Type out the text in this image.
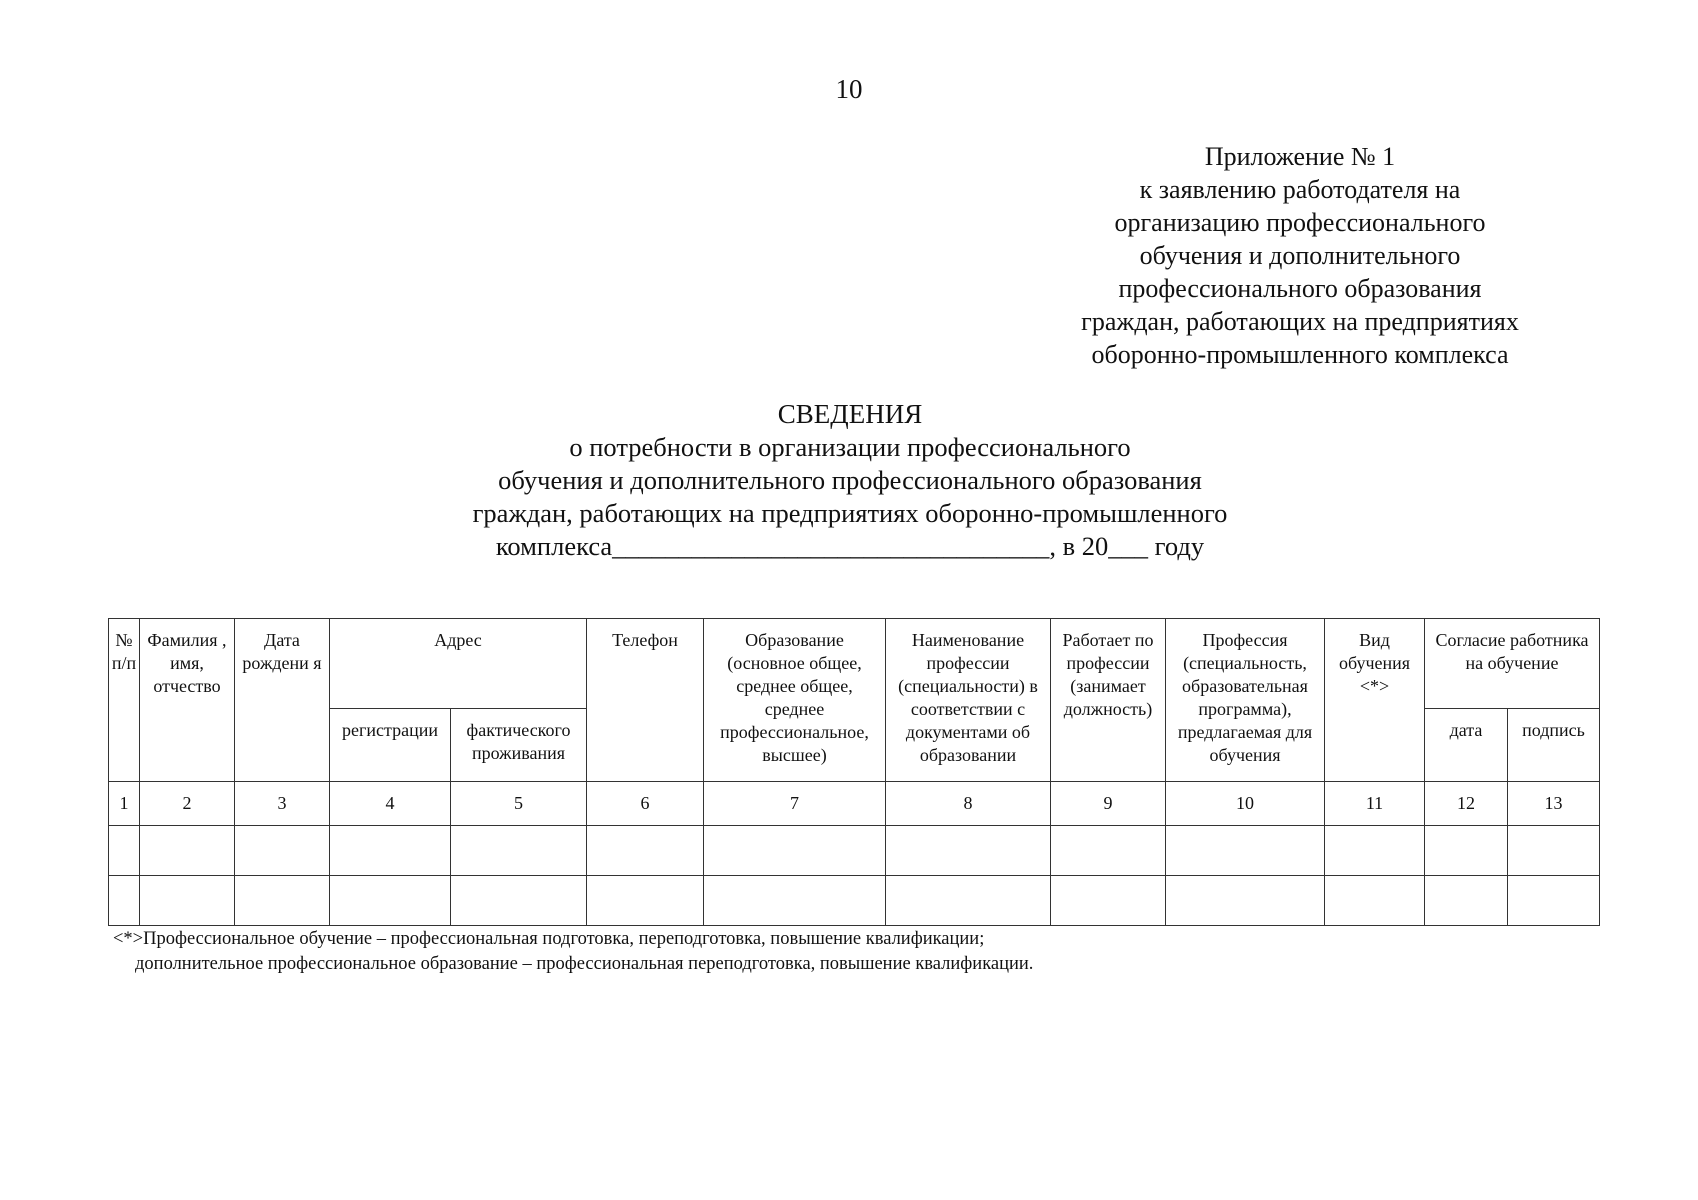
10
Приложение № 1
к заявлению работодателя на
организацию профессионального
обучения и дополнительного
профессионального образования
граждан, работающих на предприятиях
оборонно-промышленного комплекса
СВЕДЕНИЯ
о потребности в организации профессионального
обучения и дополнительного профессионального образования
граждан, работающих на предприятиях оборонно-промышленного
комплекса_________________________________, в 20___ году
№ п/п	Фамилия , имя, отчество	Дата рождени я	Адрес		Телефон	Образование (основное общее, среднее общее, среднее профессиональное, высшее)	Наименование профессии (специальности) в соответствии с документами об образовании	Работает по профессии (занимает должность)	Профессия (специальность, образовательная программа), предлагаемая для обучения	Вид обучения <*>	Согласие работника на обучение	
			регистрации	фактического проживания							дата	подпись
1	2	3	4	5	6	7	8	9	10	11	12	13

<*>Профессиональное обучение – профессиональная подготовка, переподготовка, повышение квалификации;
дополнительное профессиональное образование – профессиональная переподготовка, повышение квалификации.
